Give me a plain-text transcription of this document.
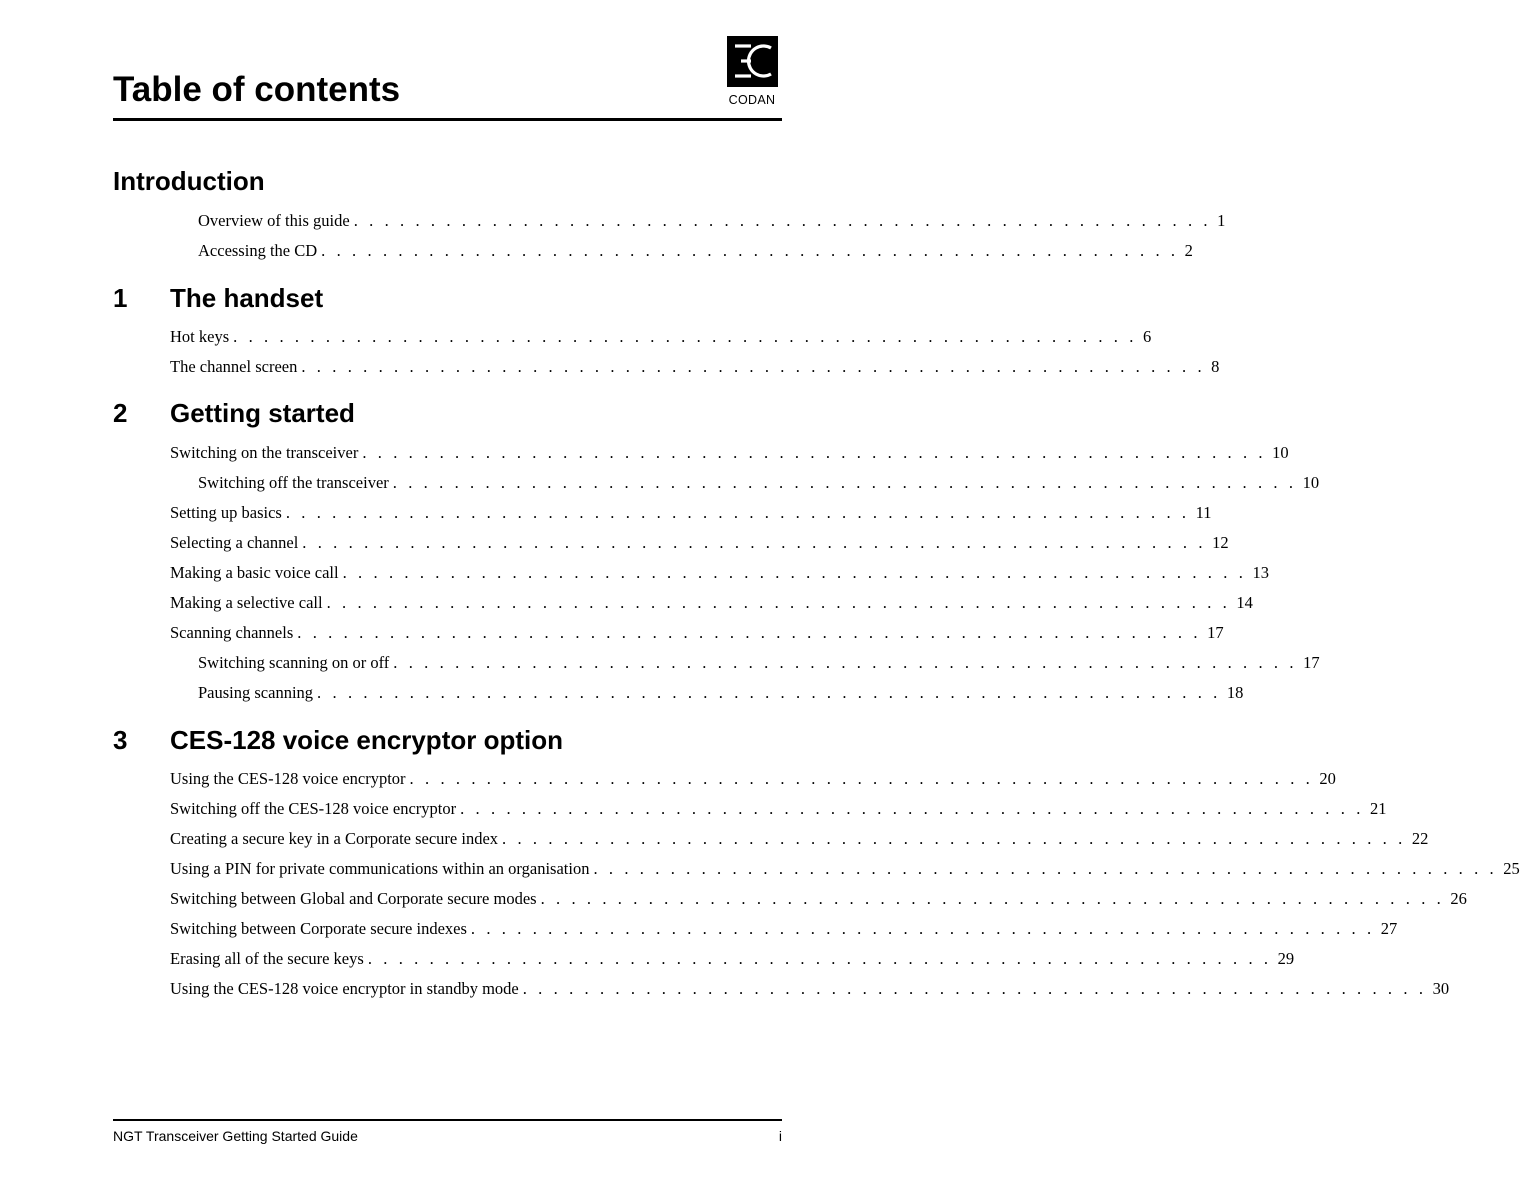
Table of contents	CODAN
Introduction
Overview of this guide . . . . . . . . . . . . . . . . . . . . . . . . . . . . . . . . . . . . . . . . . . . . . . . . . . . . . . . . 1
Accessing the CD . . . . . . . . . . . . . . . . . . . . . . . . . . . . . . . . . . . . . . . . . . . . . . . . . . . . . . . . 2
1 The handset
Hot keys . . . . . . . . . . . . . . . . . . . . . . . . . . . . . . . . . . . . . . . . . . . . . . . . . . . . . . . . . . . 6
The channel screen . . . . . . . . . . . . . . . . . . . . . . . . . . . . . . . . . . . . . . . . . . . . . . . . . . . . . . . . . . . 8
2 Getting started
Switching on the transceiver . . . . . . . . . . . . . . . . . . . . . . . . . . . . . . . . . . . . . . . . . . . . . . . . . . . . . . . . . . . 10
Switching off the transceiver . . . . . . . . . . . . . . . . . . . . . . . . . . . . . . . . . . . . . . . . . . . . . . . . . . . . . . . . . . . 10
Setting up basics . . . . . . . . . . . . . . . . . . . . . . . . . . . . . . . . . . . . . . . . . . . . . . . . . . . . . . . . . . . 11
Selecting a channel . . . . . . . . . . . . . . . . . . . . . . . . . . . . . . . . . . . . . . . . . . . . . . . . . . . . . . . . . . . 12
Making a basic voice call . . . . . . . . . . . . . . . . . . . . . . . . . . . . . . . . . . . . . . . . . . . . . . . . . . . . . . . . . . . 13
Making a selective call . . . . . . . . . . . . . . . . . . . . . . . . . . . . . . . . . . . . . . . . . . . . . . . . . . . . . . . . . . . 14
Scanning channels . . . . . . . . . . . . . . . . . . . . . . . . . . . . . . . . . . . . . . . . . . . . . . . . . . . . . . . . . . . 17
Switching scanning on or off . . . . . . . . . . . . . . . . . . . . . . . . . . . . . . . . . . . . . . . . . . . . . . . . . . . . . . . . . . . 17
Pausing scanning . . . . . . . . . . . . . . . . . . . . . . . . . . . . . . . . . . . . . . . . . . . . . . . . . . . . . . . . . . . 18
3 CES-128 voice encryptor option
Using the CES-128 voice encryptor . . . . . . . . . . . . . . . . . . . . . . . . . . . . . . . . . . . . . . . . . . . . . . . . . . . . . . . . . . . 20
Switching off the CES-128 voice encryptor . . . . . . . . . . . . . . . . . . . . . . . . . . . . . . . . . . . . . . . . . . . . . . . . . . . . . . . . . . . 21
Creating a secure key in a Corporate secure index . . . . . . . . . . . . . . . . . . . . . . . . . . . . . . . . . . . . . . . . . . . . . . . . . . . . . . . . . . . 22
Using a PIN for private communications within an organisation . . . . . . . . . . . . . . . . . . . . . . . . . . . . . . . . . . . . . . . . . . . . . . . . . . . . . . . . . . . 25
Switching between Global and Corporate secure modes . . . . . . . . . . . . . . . . . . . . . . . . . . . . . . . . . . . . . . . . . . . . . . . . . . . . . . . . . . . 26
Switching between Corporate secure indexes . . . . . . . . . . . . . . . . . . . . . . . . . . . . . . . . . . . . . . . . . . . . . . . . . . . . . . . . . . . 27
Erasing all of the secure keys . . . . . . . . . . . . . . . . . . . . . . . . . . . . . . . . . . . . . . . . . . . . . . . . . . . . . . . . . . . 29
Using the CES-128 voice encryptor in standby mode . . . . . . . . . . . . . . . . . . . . . . . . . . . . . . . . . . . . . . . . . . . . . . . . . . . . . . . . . . . 30
NGT Transceiver Getting Started Guide	i
